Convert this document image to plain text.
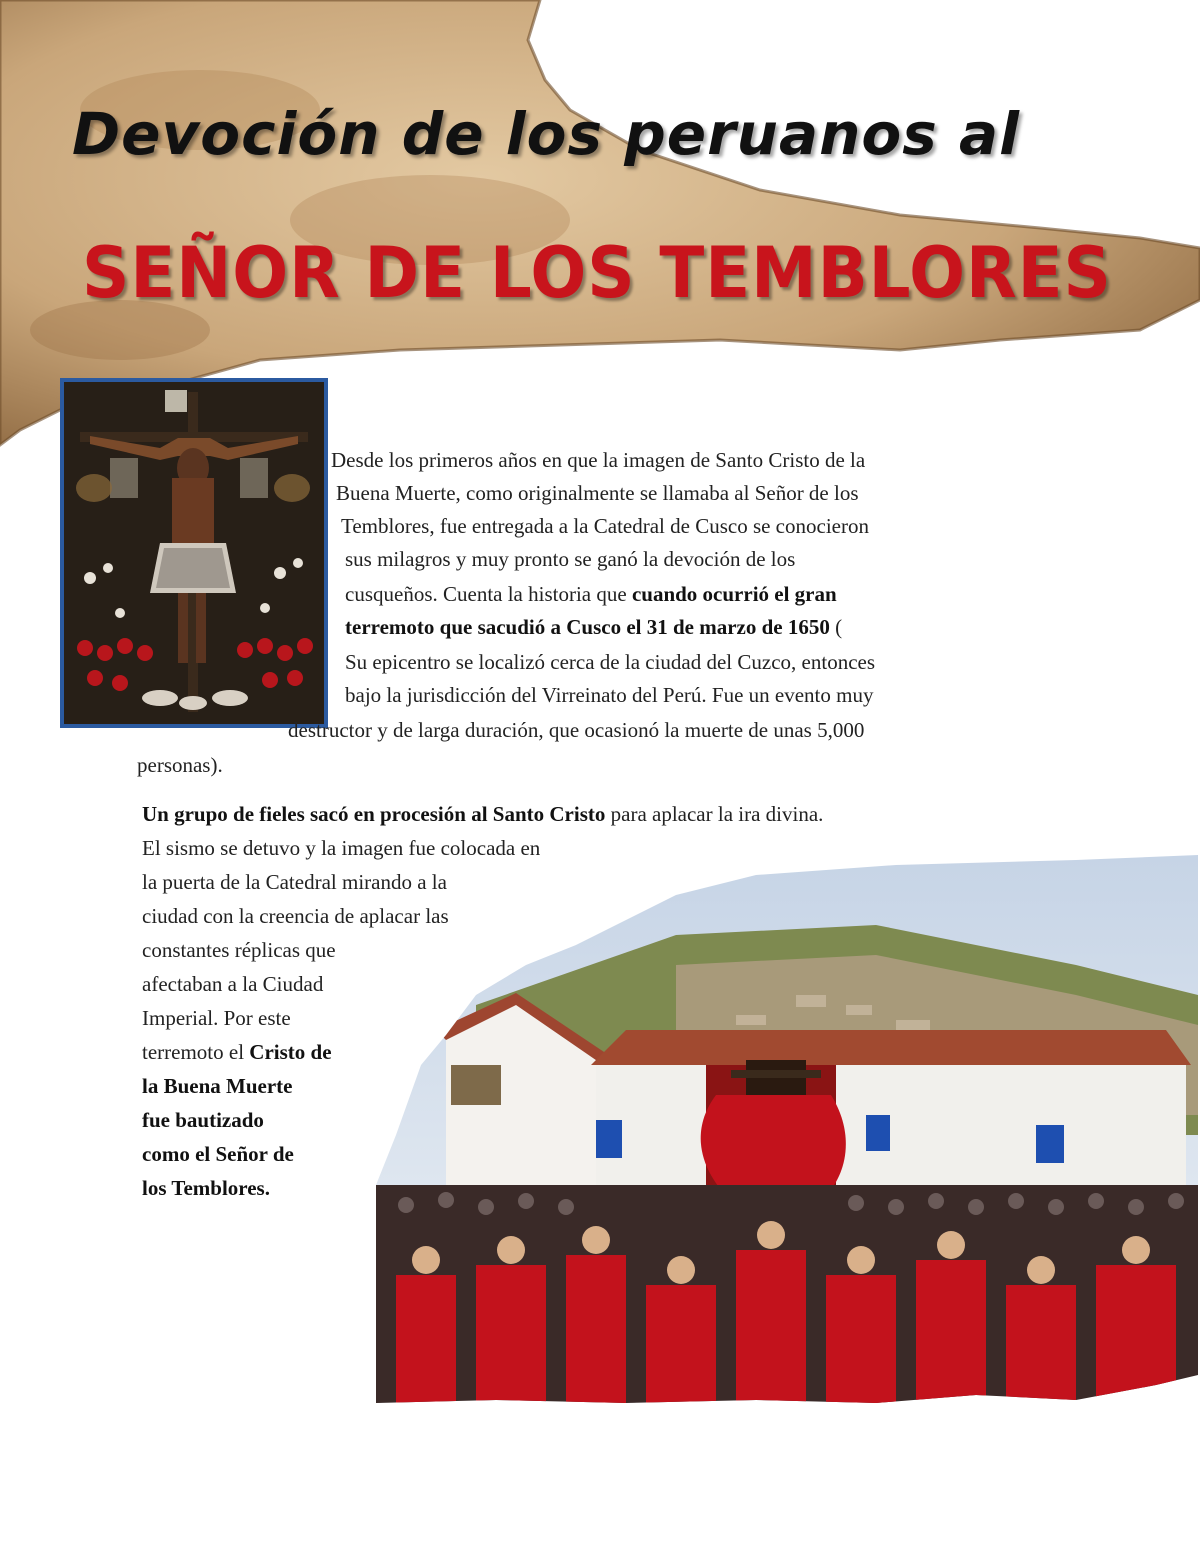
Devoción de los peruanos al
SEÑOR DE LOS TEMBLORES

Desde los primeros años en que la imagen de Santo Cristo de la

Buena Muerte, como originalmente se llamaba al Señor de los

Temblores, fue entregada a la Catedral de Cusco se conocieron

sus milagros y muy pronto se ganó la devoción de los

cusqueños. Cuenta la historia que cuando ocurrió el gran

terremoto que sacudió a Cusco el 31 de marzo de 1650 (

Su epicentro se localizó cerca de la ciudad del Cuzco, entonces

bajo la jurisdicción del Virreinato del Perú. Fue un evento muy

destructor y de larga duración, que ocasionó la muerte de unas 5,000

personas).

Un grupo de fieles sacó en procesión al Santo Cristo para aplacar la ira divina.

El sismo se detuvo y la imagen fue colocada en

la puerta de la Catedral mirando a la

ciudad con la creencia de aplacar las

constantes réplicas que

afectaban a la Ciudad

Imperial. Por este

terremoto el Cristo de

la Buena Muerte

fue bautizado

como el Señor de

los Temblores.
